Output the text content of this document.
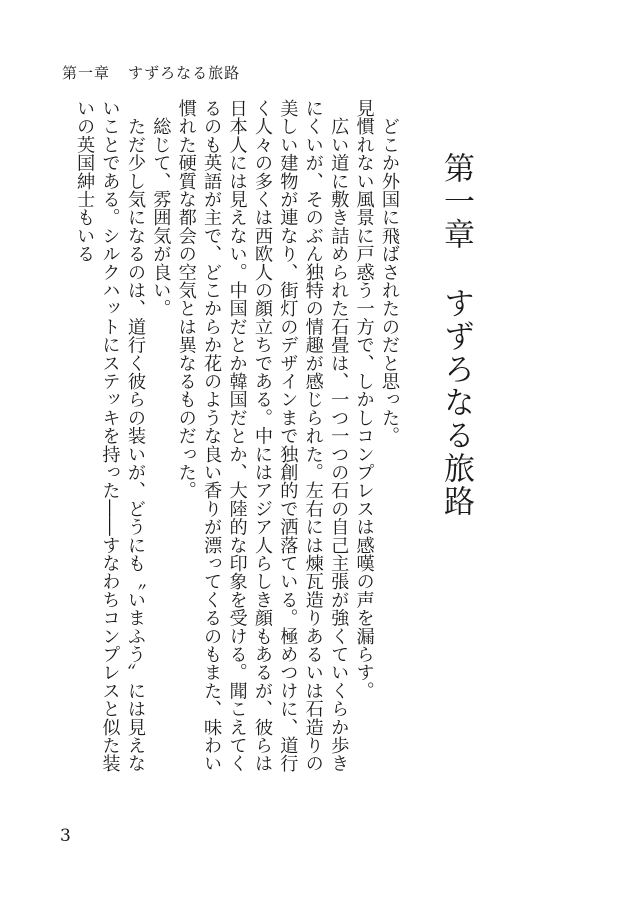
第一章 すずろなる旅路
第一章すずろなる旅路

　どこか外国に飛ばされたのだと思った。

見慣れない風景に戸惑う一方で、しかしコンプレスは感嘆の声を漏らす。

　広い道に敷き詰められた石畳は、一つ一つの石の自己主張が強くていくらか歩きにくいが、そのぶん独特の情趣が感じられた。左右には煉瓦造りあるいは石造りの美しい建物が連なり、街灯のデザインまで独創的で洒落ている。極めつけに、道行く人々の多くは西欧人の顔立ちである。中にはアジア人らしき顔もあるが、彼らは日本人には見えない。中国だとか韓国だとか、大陸的な印象を受ける。聞こえてくるのも英語が主で、どこからか花のような良い香りが漂ってくるのもまた、味わい慣れた硬質な都会の空気とは異なるものだった。

　総じて、雰囲気が良い。

　ただ少し気になるのは、道行く彼らの装いが、どうにも〝いまふう〟には見えないことである。シルクハットにステッキを持った――すなわちコンプレスと似た装いの英国紳士もいる

3
